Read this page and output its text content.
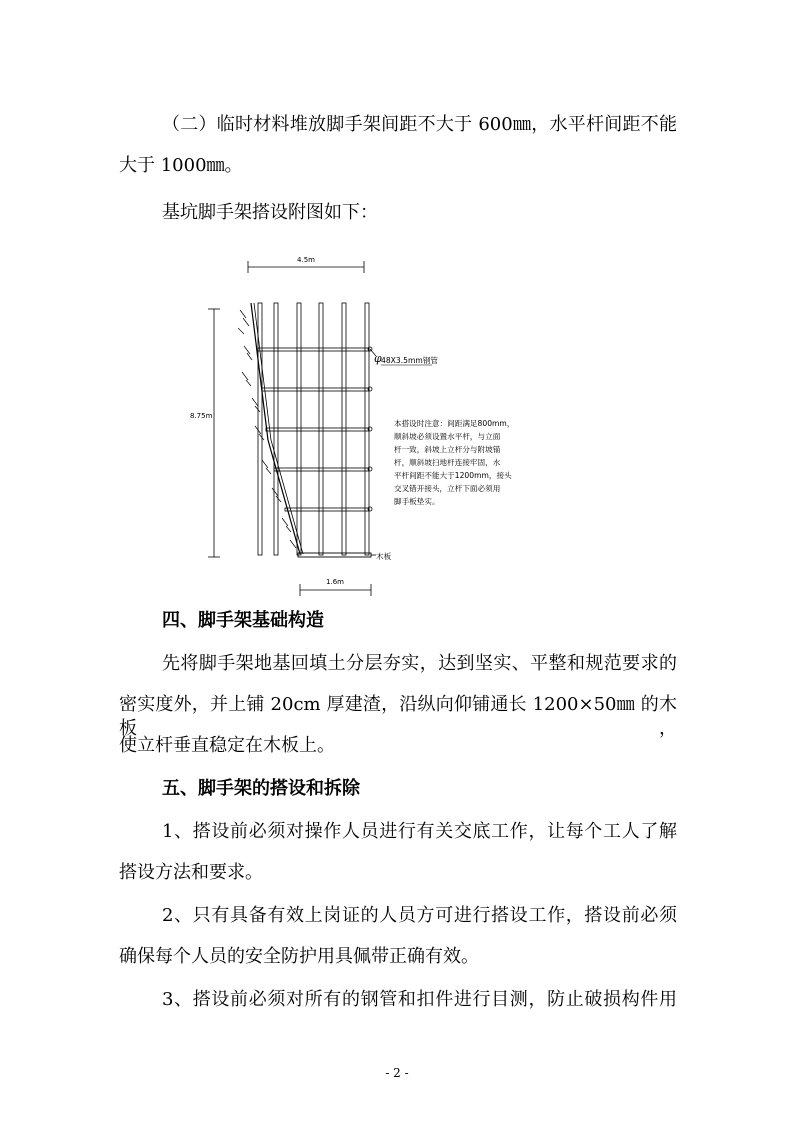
（二）临时材料堆放脚手架间距不大于 600㎜，水平杆间距不能
大于 1000㎜。
基坑脚手架搭设附图如下：
4.5m
8.75m
木板
φ 48X3.5mm钢管
本搭设时注意：间距满足800mm，
顺斜坡必须设置水平杆，与立面
杆一致，斜坡上立杆分与附坡锚
杆，顺斜坡扫地杆连接牢固，水
平杆间距不能大于1200mm，接头
交叉错开接头，立杆下面必须用
脚手板垫实。
1.6m
四、脚手架基础构造
先将脚手架地基回填土分层夯实，达到坚实、平整和规范要求的
密实度外，并上铺 20cm 厚建渣，沿纵向仰铺通长 1200×50㎜ 的木板，
使立杆垂直稳定在木板上。
五、脚手架的搭设和拆除
1、搭设前必须对操作人员进行有关交底工作，让每个工人了解
搭设方法和要求。
2、只有具备有效上岗证的人员方可进行搭设工作，搭设前必须
确保每个人员的安全防护用具佩带正确有效。
3、搭设前必须对所有的钢管和扣件进行目测，防止破损构件用
- 2 -
